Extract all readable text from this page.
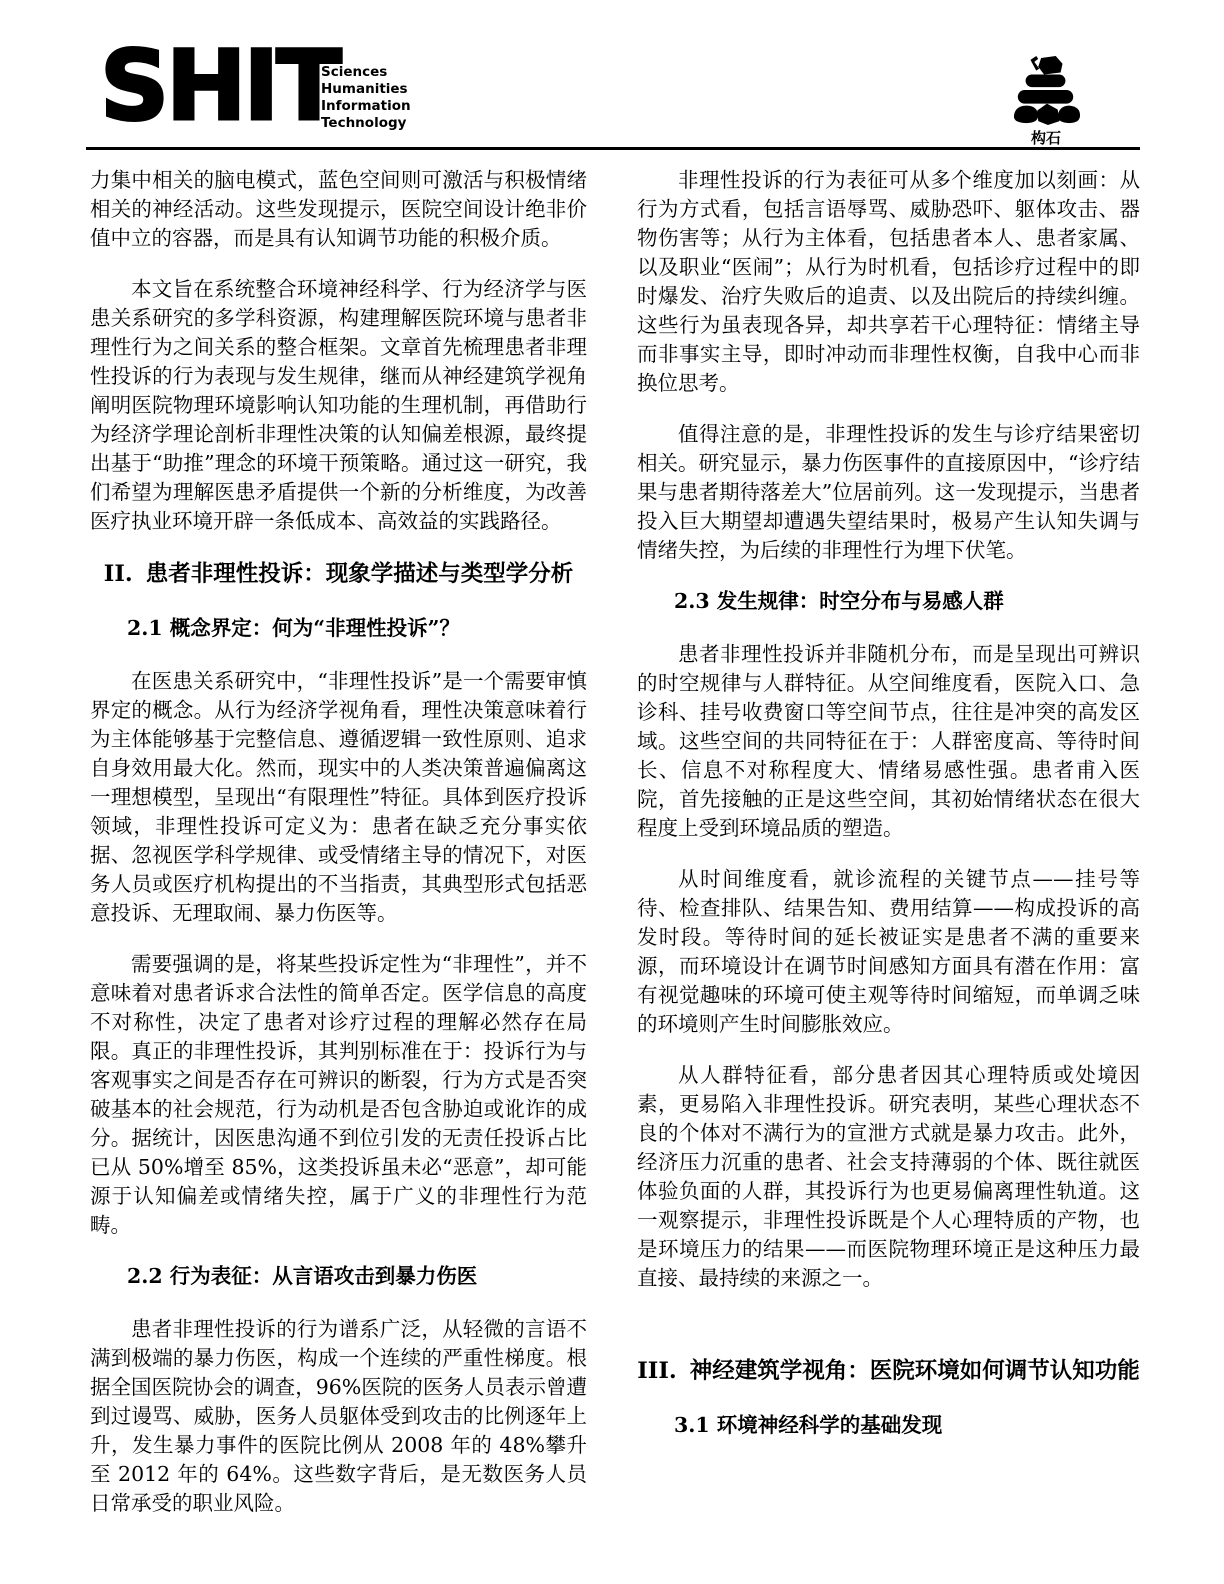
SHIT
Sciences
Humanities
Information
Technology
构石

力集中相关的脑电模式，蓝色空间则可激活与积极情绪相关的神经活动。这些发现提示，医院空间设计绝非价值中立的容器，而是具有认知调节功能的积极介质。

本文旨在系统整合环境神经科学、行为经济学与医患关系研究的多学科资源，构建理解医院环境与患者非理性行为之间关系的整合框架。文章首先梳理患者非理性投诉的行为表现与发生规律，继而从神经建筑学视角阐明医院物理环境影响认知功能的生理机制，再借助行为经济学理论剖析非理性决策的认知偏差根源，最终提出基于“助推”理念的环境干预策略。通过这一研究，我们希望为理解医患矛盾提供一个新的分析维度，为改善医疗执业环境开辟一条低成本、高效益的实践路径。

II. 患者非理性投诉：现象学描述与类型学分析
2.1 概念界定：何为“非理性投诉”？

在医患关系研究中，“非理性投诉”是一个需要审慎界定的概念。从行为经济学视角看，理性决策意味着行为主体能够基于完整信息、遵循逻辑一致性原则、追求自身效用最大化。然而，现实中的人类决策普遍偏离这一理想模型，呈现出“有限理性”特征。具体到医疗投诉领域，非理性投诉可定义为：患者在缺乏充分事实依据、忽视医学科学规律、或受情绪主导的情况下，对医务人员或医疗机构提出的不当指责，其典型形式包括恶意投诉、无理取闹、暴力伤医等。

需要强调的是，将某些投诉定性为“非理性”，并不意味着对患者诉求合法性的简单否定。医学信息的高度不对称性，决定了患者对诊疗过程的理解必然存在局限。真正的非理性投诉，其判别标准在于：投诉行为与客观事实之间是否存在可辨识的断裂，行为方式是否突破基本的社会规范，行为动机是否包含胁迫或讹诈的成分。据统计，因医患沟通不到位引发的无责任投诉占比已从 50%增至 85%，这类投诉虽未必“恶意”，却可能源于认知偏差或情绪失控，属于广义的非理性行为范畴。

2.2 行为表征：从言语攻击到暴力伤医

患者非理性投诉的行为谱系广泛，从轻微的言语不满到极端的暴力伤医，构成一个连续的严重性梯度。根据全国医院协会的调查，96%医院的医务人员表示曾遭到过谩骂、威胁，医务人员躯体受到攻击的比例逐年上升，发生暴力事件的医院比例从 2008 年的 48%攀升至 2012 年的 64%。这些数字背后，是无数医务人员日常承受的职业风险。

非理性投诉的行为表征可从多个维度加以刻画：从行为方式看，包括言语辱骂、威胁恐吓、躯体攻击、器物伤害等；从行为主体看，包括患者本人、患者家属、以及职业“医闹”；从行为时机看，包括诊疗过程中的即时爆发、治疗失败后的追责、以及出院后的持续纠缠。这些行为虽表现各异，却共享若干心理特征：情绪主导而非事实主导，即时冲动而非理性权衡，自我中心而非换位思考。

值得注意的是，非理性投诉的发生与诊疗结果密切相关。研究显示，暴力伤医事件的直接原因中，“诊疗结果与患者期待落差大”位居前列。这一发现提示，当患者投入巨大期望却遭遇失望结果时，极易产生认知失调与情绪失控，为后续的非理性行为埋下伏笔。

2.3 发生规律：时空分布与易感人群

患者非理性投诉并非随机分布，而是呈现出可辨识的时空规律与人群特征。从空间维度看，医院入口、急诊科、挂号收费窗口等空间节点，往往是冲突的高发区域。这些空间的共同特征在于：人群密度高、等待时间长、信息不对称程度大、情绪易感性强。患者甫入医院，首先接触的正是这些空间，其初始情绪状态在很大程度上受到环境品质的塑造。

从时间维度看，就诊流程的关键节点——挂号等待、检查排队、结果告知、费用结算——构成投诉的高发时段。等待时间的延长被证实是患者不满的重要来源，而环境设计在调节时间感知方面具有潜在作用：富有视觉趣味的环境可使主观等待时间缩短，而单调乏味的环境则产生时间膨胀效应。

从人群特征看，部分患者因其心理特质或处境因素，更易陷入非理性投诉。研究表明，某些心理状态不良的个体对不满行为的宣泄方式就是暴力攻击。此外，经济压力沉重的患者、社会支持薄弱的个体、既往就医体验负面的人群，其投诉行为也更易偏离理性轨道。这一观察提示，非理性投诉既是个人心理特质的产物，也是环境压力的结果——而医院物理环境正是这种压力最直接、最持续的来源之一。

III. 神经建筑学视角：医院环境如何调节认知功能
3.1 环境神经科学的基础发现
